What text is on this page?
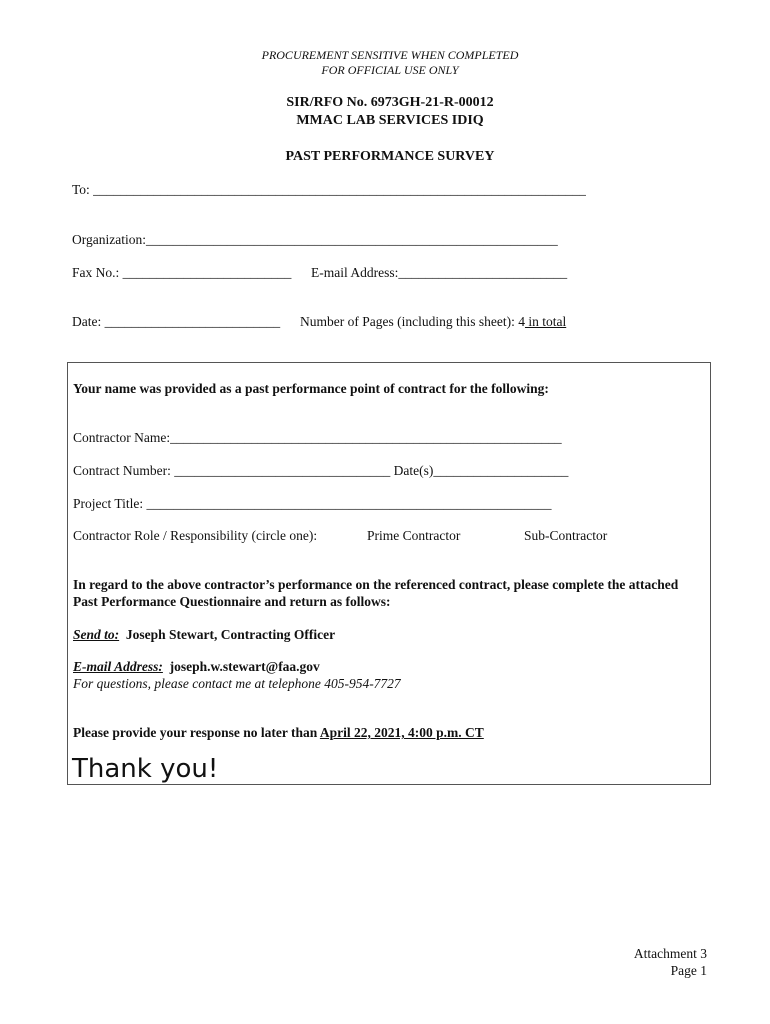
PROCUREMENT SENSITIVE WHEN COMPLETED
FOR OFFICIAL USE ONLY
SIR/RFO No. 6973GH-21-R-00012
MMAC LAB SERVICES IDIQ
PAST PERFORMANCE SURVEY
To: _________________________________________________________________________
Organization:_____________________________________________________________
Fax No.: _________________________ E-mail Address:_________________________
Date: __________________________ Number of Pages (including this sheet): 4 in total
Your name was provided as a past performance point of contract for the following:
Contractor Name:__________________________________________________________
Contract Number: ________________________________ Date(s)____________________
Project Title: ____________________________________________________________
Contractor Role / Responsibility (circle one):	Prime Contractor	Sub-Contractor
In regard to the above contractor’s performance on the referenced contract, please complete the attached
Past Performance Questionnaire and return as follows:
Send to: Joseph Stewart, Contracting Officer
E-mail Address: joseph.w.stewart@faa.gov
For questions, please contact me at telephone 405-954-7727
Please provide your response no later than April 22, 2021, 4:00 p.m. CT
Thank you!
Attachment 3
Page 1
